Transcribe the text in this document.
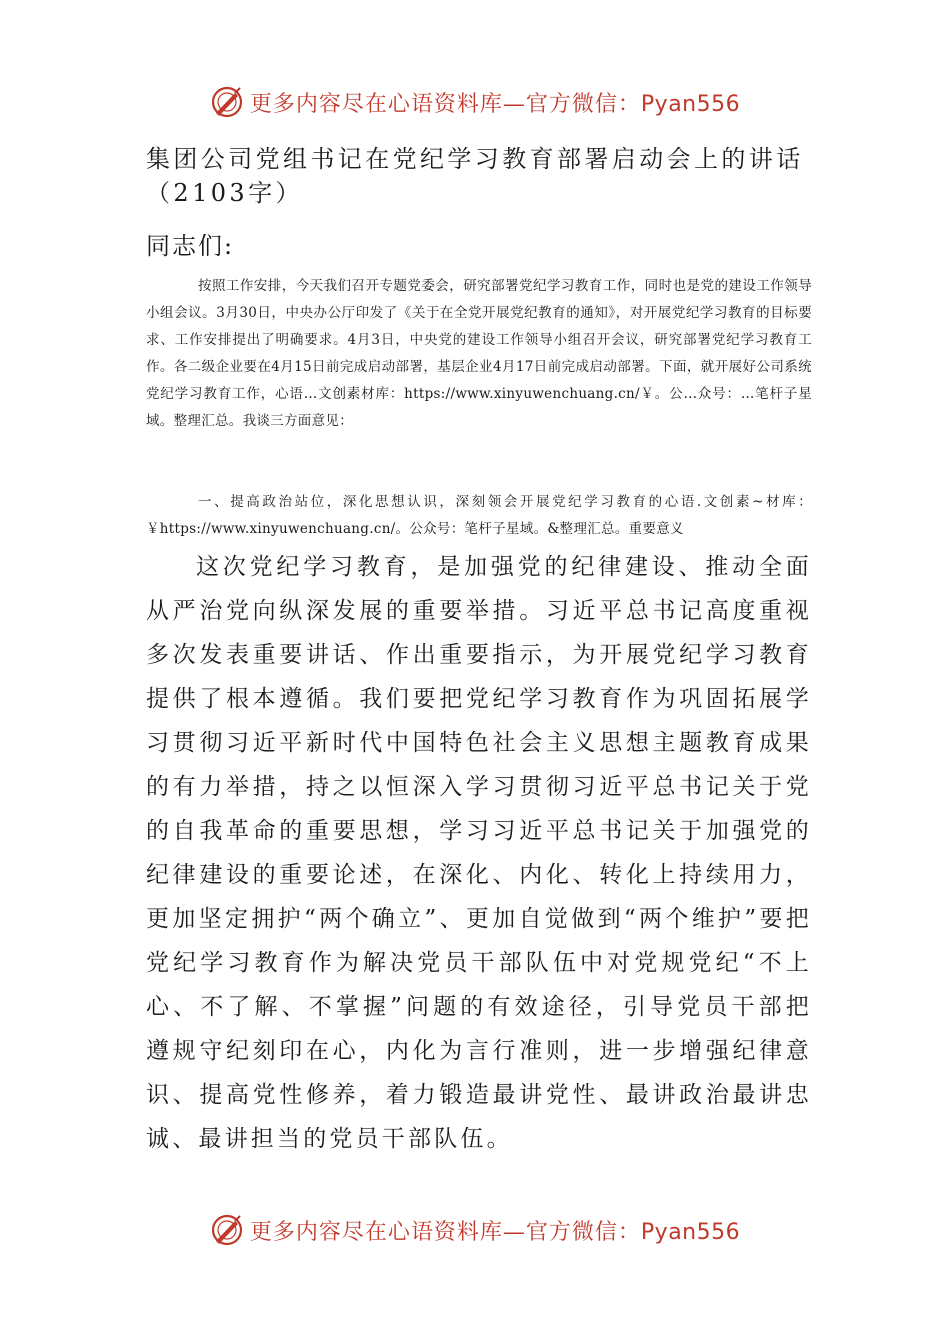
更多内容尽在心语资料库—官方微信：Pyan556
集团公司党组书记在党纪学习教育部署启动会上的讲话（2103字）
同志们:
按照工作安排，今天我们召开专题党委会，研究部署党纪学习教育工作，同时也是党的建设工作领导小组会议。3月30日，中央办公厅印发了《关于在全党开展党纪教育的通知》，对开展党纪学习教育的目标要求、工作安排提出了明确要求。4月3日，中央党的建设工作领导小组召开会议，研究部署党纪学习教育工作。各二级企业要在4月15日前完成启动部署，基层企业4月17日前完成启动部署。下面，就开展好公司系统党纪学习教育工作，心语…文创素材库：https://www.xinyuwenchuang.cn/￥。公…众号：…笔杆子星域。整理汇总。我谈三方面意见：
一、提高政治站位，深化思想认识，深刻领会开展党纪学习教育的心语.文创素~材库：￥https://www.xinyuwenchuang.cn/。公众号：笔杆子星域。&整理汇总。重要意义
这次党纪学习教育，是加强党的纪律建设、推动全面从严治党向纵深发展的重要举措。习近平总书记高度重视多次发表重要讲话、作出重要指示，为开展党纪学习教育提供了根本遵循。我们要把党纪学习教育作为巩固拓展学习贯彻习近平新时代中国特色社会主义思想主题教育成果的有力举措，持之以恒深入学习贯彻习近平总书记关于党的自我革命的重要思想，学习习近平总书记关于加强党的纪律建设的重要论述，在深化、内化、转化上持续用力，更加坚定拥护“两个确立”、更加自觉做到“两个维护”要把党纪学习教育作为解决党员干部队伍中对党规党纪“不上心、不了解、不掌握”问题的有效途径，引导党员干部把遵规守纪刻印在心，内化为言行准则，进一步增强纪律意识、提高党性修养，着力锻造最讲党性、最讲政治最讲忠诚、最讲担当的党员干部队伍。
更多内容尽在心语资料库—官方微信：Pyan556
